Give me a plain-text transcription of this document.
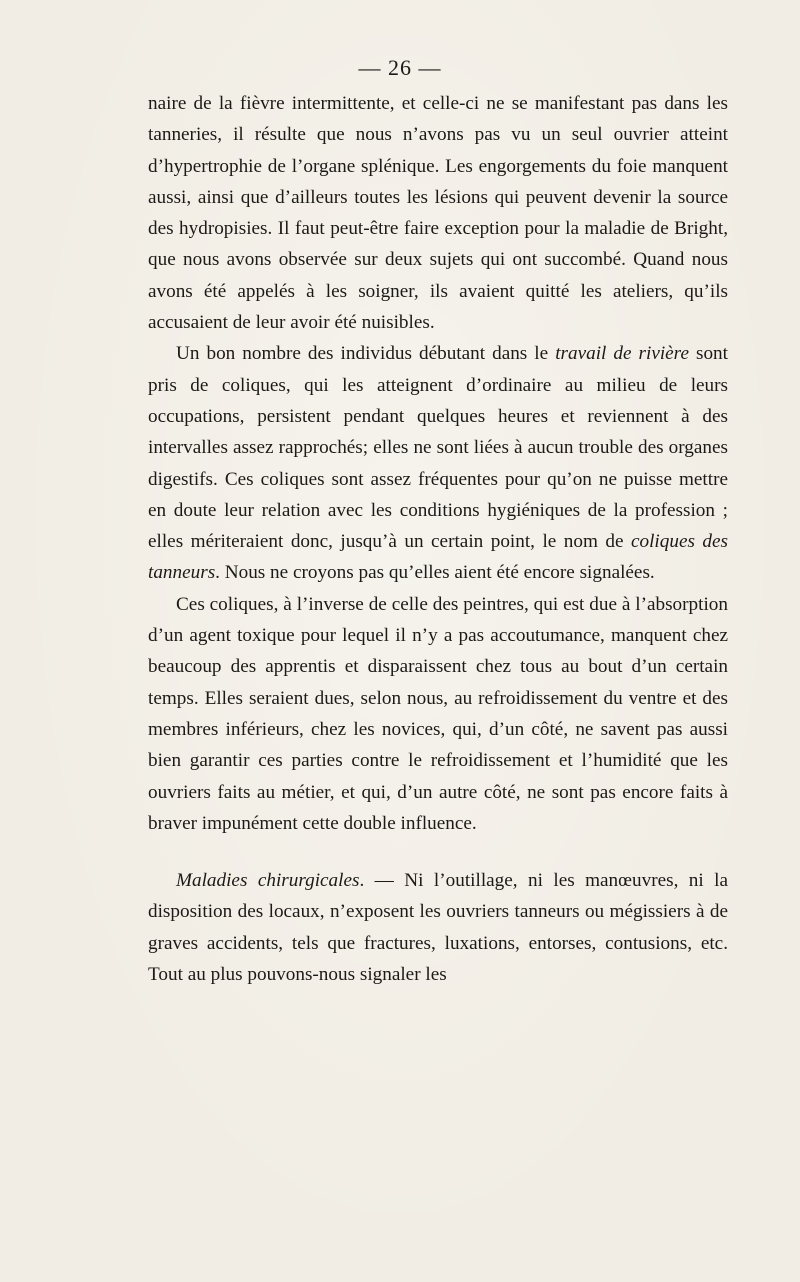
— 26 —

naire de la fièvre intermittente, et celle-ci ne se manifestant pas dans les tanneries, il résulte que nous n’avons pas vu un seul ouvrier atteint d’hypertrophie de l’organe splénique. Les engorgements du foie manquent aussi, ainsi que d’ailleurs toutes les lésions qui peuvent devenir la source des hydropisies. Il faut peut-être faire exception pour la maladie de Bright, que nous avons observée sur deux sujets qui ont succombé. Quand nous avons été appelés à les soigner, ils avaient quitté les ateliers, qu’ils accusaient de leur avoir été nuisibles.

Un bon nombre des individus débutant dans le travail de rivière sont pris de coliques, qui les atteignent d’ordinaire au milieu de leurs occupations, persistent pendant quelques heures et reviennent à des intervalles assez rapprochés; elles ne sont liées à aucun trouble des organes digestifs. Ces coliques sont assez fréquentes pour qu’on ne puisse mettre en doute leur relation avec les conditions hygiéniques de la profession ; elles mériteraient donc, jusqu’à un certain point, le nom de coliques des tanneurs. Nous ne croyons pas qu’elles aient été encore signalées.

Ces coliques, à l’inverse de celle des peintres, qui est due à l’absorption d’un agent toxique pour lequel il n’y a pas accoutumance, manquent chez beaucoup des apprentis et disparaissent chez tous au bout d’un certain temps. Elles seraient dues, selon nous, au refroidissement du ventre et des membres inférieurs, chez les novices, qui, d’un côté, ne savent pas aussi bien garantir ces parties contre le refroidissement et l’humidité que les ouvriers faits au métier, et qui, d’un autre côté, ne sont pas encore faits à braver impunément cette double influence.

Maladies chirurgicales. — Ni l’outillage, ni les manœuvres, ni la disposition des locaux, n’exposent les ouvriers tanneurs ou mégissiers à de graves accidents, tels que fractures, luxations, entorses, contusions, etc. Tout au plus pouvons-nous signaler les
